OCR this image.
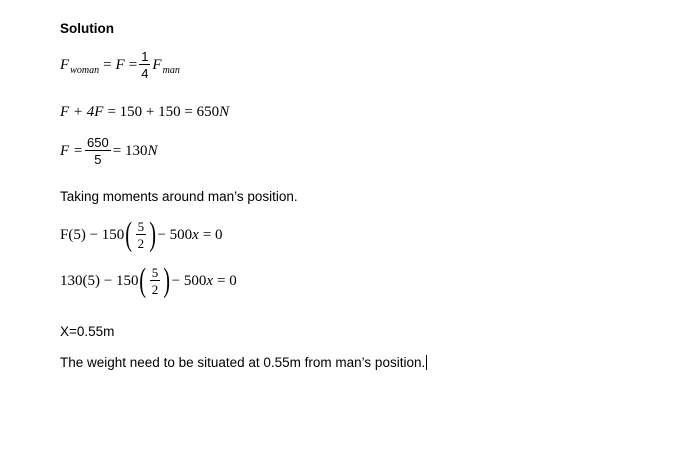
Solution
F woman = $F = \frac{1}{4}$ F man
F + 4F = 150 + 150 = 650 N
$F = \frac{650}{5} = 130$ N
Taking moments around man’s position.
F(5) − 150 ( $\frac{5}{2}$ ) − 500 x = 0
130(5) − 150 ( $\frac{5}{2}$ ) − 500 x = 0
X=0.55m
The weight need to be situated at 0.55m from man’s position.
